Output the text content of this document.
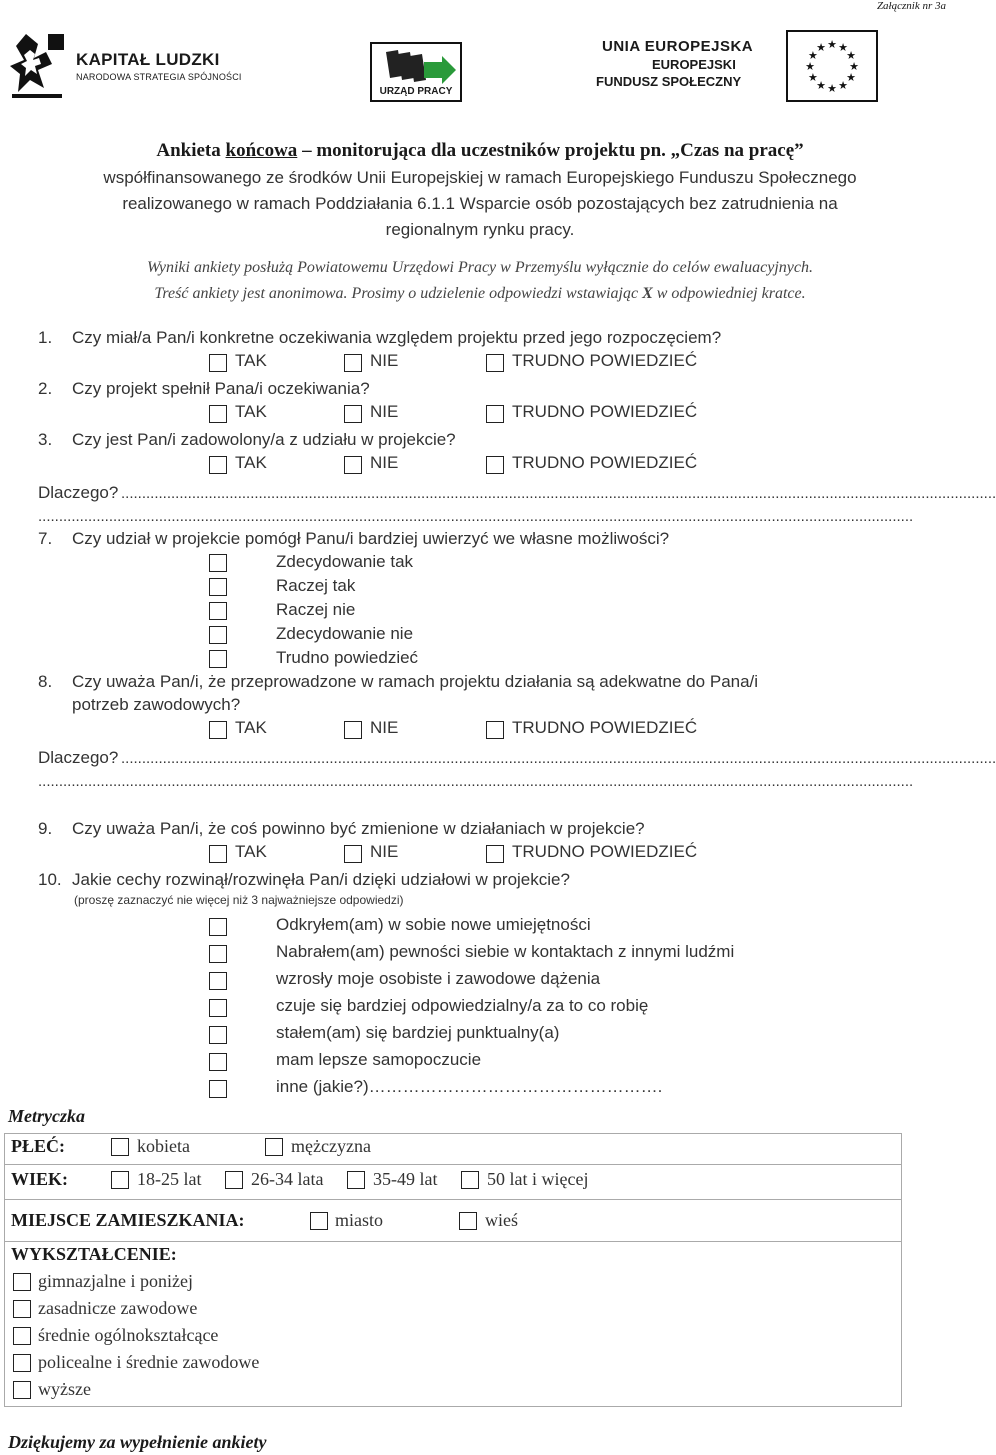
Załącznik nr 3a
KAPITAŁ LUDZKI
NARODOWA STRATEGIA SPÓJNOŚCI
URZĄD PRACY
UNIA EUROPEJSKA
EUROPEJSKI
FUNDUSZ SPOŁECZNY
★ ★
★
★
★
★
★
★
★
★
★
★
Ankieta końcowa – monitorująca dla uczestników projektu pn. „Czas na pracę”
współfinansowanego ze środków Unii Europejskiej w ramach Europejskiego Funduszu Społecznego
realizowanego w ramach Poddziałania 6.1.1 Wsparcie osób pozostających bez zatrudnienia na
regionalnym rynku pracy.
Wyniki ankiety posłużą Powiatowemu Urzędowi Pracy w Przemyślu wyłącznie do celów ewaluacyjnych.
Treść ankiety jest anonimowa. Prosimy o udzielenie odpowiedzi wstawiając X w odpowiedniej kratce.
1. Czy miał/a Pan/i konkretne oczekiwania względem projektu przed jego rozpoczęciem?
TAK	NIE	TRUDNO POWIEDZIEĆ
2. Czy projekt spełnił Pana/i oczekiwania?
TAK	NIE	TRUDNO POWIEDZIEĆ
3. Czy jest Pan/i zadowolony/a z udziału w projekcie?
TAK	NIE	TRUDNO POWIEDZIEĆ
Dlaczego? ..................................................................................................................................................................................................................
..................................................................................................................................................................................................................
7. Czy udział w projekcie pomógł Panu/i bardziej uwierzyć we własne możliwości?
Zdecydowanie tak
Raczej tak
Raczej nie
Zdecydowanie nie
Trudno powiedzieć
8. Czy uważa Pan/i, że przeprowadzone w ramach projektu działania są adekwatne do Pana/i
potrzeb zawodowych?
TAK	NIE	TRUDNO POWIEDZIEĆ
Dlaczego? ..................................................................................................................................................................................................................
..................................................................................................................................................................................................................
9. Czy uważa Pan/i, że coś powinno być zmienione w działaniach w projekcie?
TAK	NIE	TRUDNO POWIEDZIEĆ
10. Jakie cechy rozwinął/rozwinęła Pan/i dzięki udziałowi w projekcie?
(proszę zaznaczyć nie więcej niż 3 najważniejsze odpowiedzi)
Odkryłem(am) w sobie nowe umiejętności
Nabrałem(am) pewności siebie w kontaktach z innymi ludźmi
wzrosły moje osobiste i zawodowe dążenia
czuje się bardziej odpowiedzialny/a za to co robię
stałem(am) się bardziej punktualny(a)
mam lepsze samopoczucie
inne (jakie?)…………………………………………….
Metryczka
PŁEĆ:	kobieta	mężczyzna
WIEK:	18-25 lat	26-34 lata	35-49 lat	50 lat i więcej
MIEJSCE ZAMIESZKANIA:	miasto	wieś
WYKSZTAŁCENIE:
gimnazjalne i poniżej
zasadnicze zawodowe
średnie ogólnokształcące
policealne i średnie zawodowe
wyższe
Dziękujemy za wypełnienie ankiety
